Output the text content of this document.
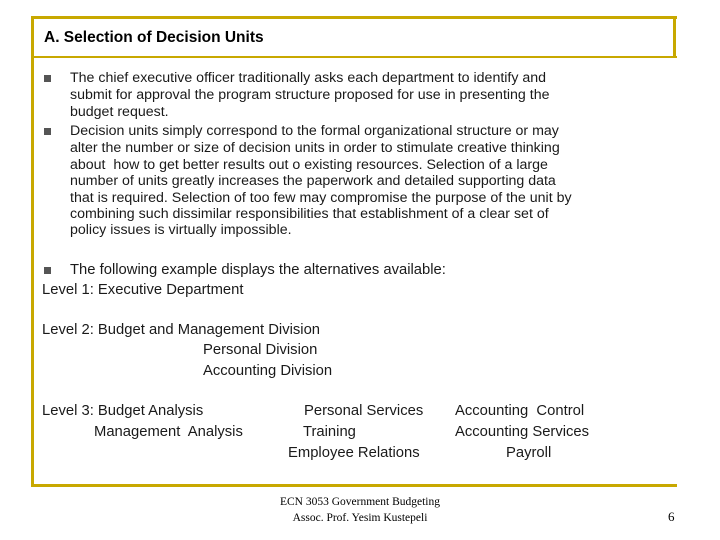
A. Selection of Decision Units
The chief executive officer traditionally asks each department to identify and
submit for approval the program structure proposed for use in presenting the
budget request.
Decision units simply correspond to the formal organizational structure or may
alter the number or size of decision units in order to stimulate creative thinking
about  how to get better results out o existing resources. Selection of a large
number of units greatly increases the paperwork and detailed supporting data
that is required. Selection of too few may compromise the purpose of the unit by
combining such dissimilar responsibilities that establishment of a clear set of
policy issues is virtually impossible.
The following example displays the alternatives available:
Level 1: Executive Department
Level 2: Budget and Management Division
Personal Division
Accounting Division
Level 3: Budget Analysis
Management  Analysis
Personal Services
Training
Employee Relations
Accounting  Control
Accounting Services
Payroll
ECN 3053 Government Budgeting
Assoc. Prof. Yesim Kustepeli	6
